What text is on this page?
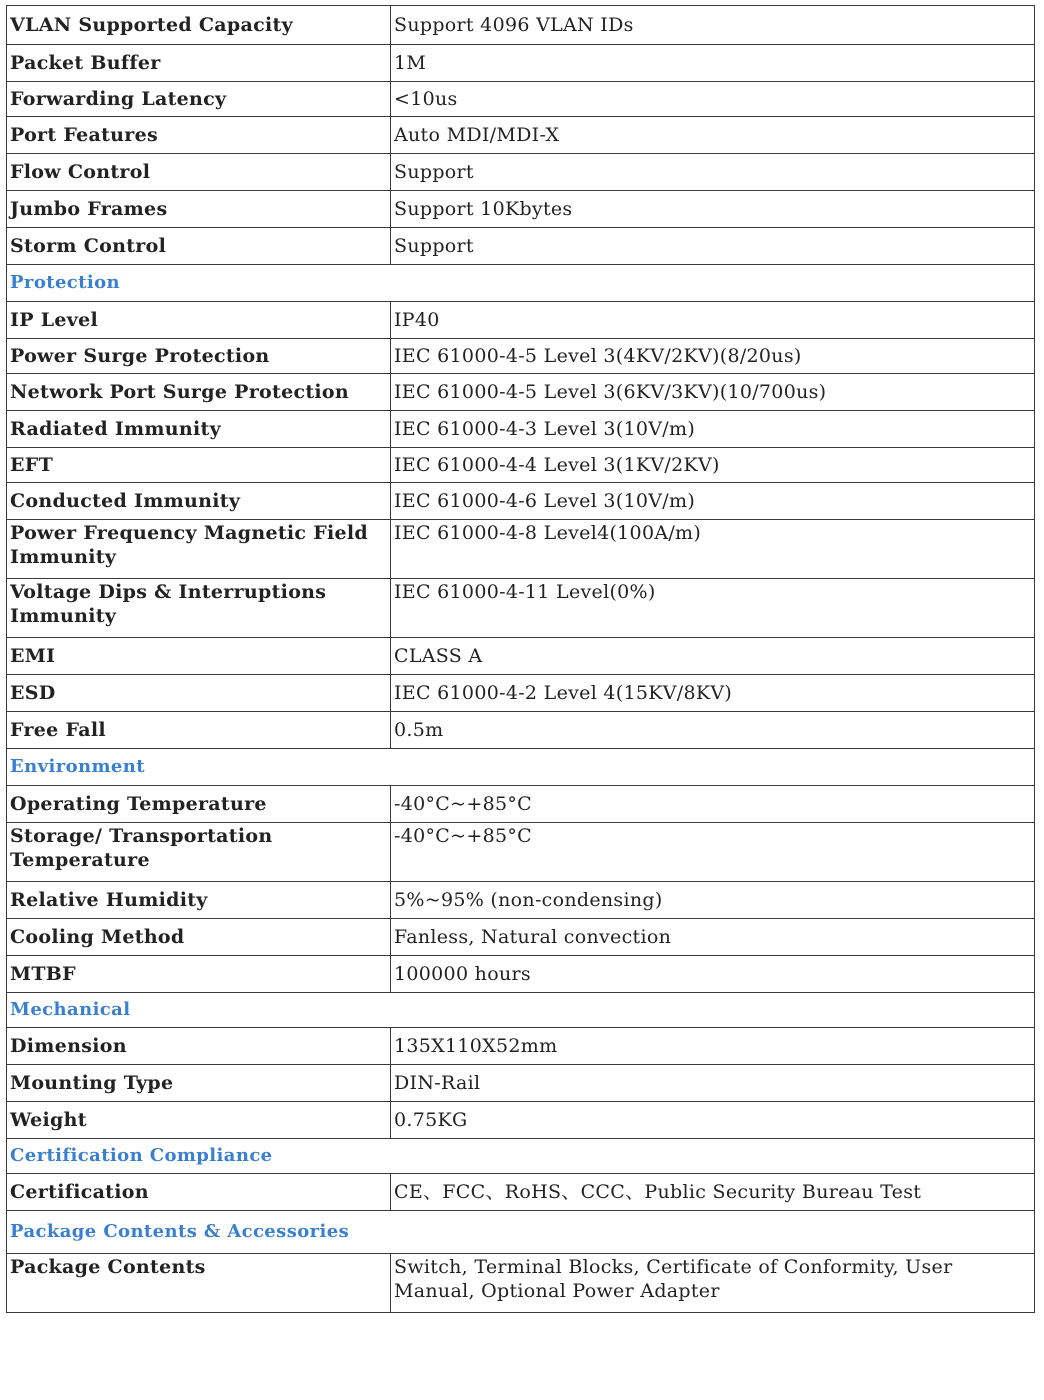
VLAN Supported Capacity	Support 4096 VLAN IDs
Packet Buffer	1M
Forwarding Latency	<10us
Port Features	Auto MDI/MDI-X
Flow Control	Support
Jumbo Frames	Support 10Kbytes
Storm Control	Support
Protection	
IP Level	IP40
Power Surge Protection	IEC 61000-4-5 Level 3(4KV/2KV)(8/20us)
Network Port Surge Protection	IEC 61000-4-5 Level 3(6KV/3KV)(10/700us)
Radiated Immunity	IEC 61000-4-3 Level 3(10V/m)
EFT	IEC 61000-4-4 Level 3(1KV/2KV)
Conducted Immunity	IEC 61000-4-6 Level 3(10V/m)
Power Frequency Magnetic Field Immunity	IEC 61000-4-8 Level4(100A/m)
Voltage Dips & Interruptions Immunity	IEC 61000-4-11 Level(0%)
EMI	CLASS A
ESD	IEC 61000-4-2 Level 4(15KV/8KV)
Free Fall	0.5m
Environment	
Operating Temperature	-40°C~+85°C
Storage/ Transportation Temperature	-40°C~+85°C
Relative Humidity	5%~95% (non-condensing)
Cooling Method	Fanless, Natural convection
MTBF	100000 hours
Mechanical	
Dimension	135X110X52mm
Mounting Type	DIN-Rail
Weight	0.75KG
Certification Compliance	
Certification	CE、FCC、RoHS、CCC、Public Security Bureau Test
Package Contents & Accessories	
Package Contents	Switch, Terminal Blocks, Certificate of Conformity, User Manual, Optional Power Adapter
